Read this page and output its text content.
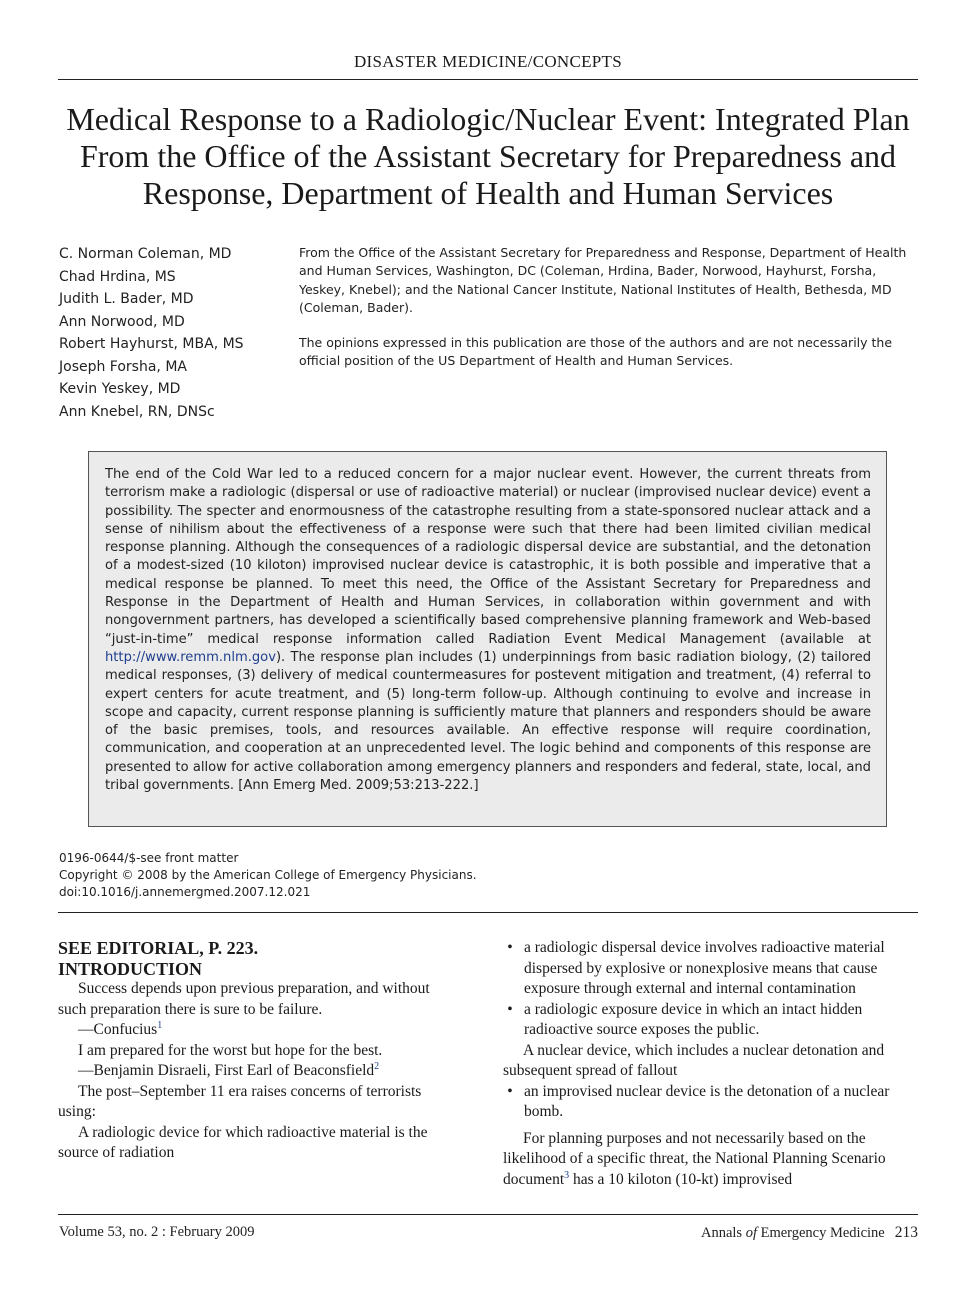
DISASTER MEDICINE/CONCEPTS
Medical Response to a Radiologic/Nuclear Event: Integrated Plan From the Office of the Assistant Secretary for Preparedness and Response, Department of Health and Human Services
C. Norman Coleman, MD
Chad Hrdina, MS
Judith L. Bader, MD
Ann Norwood, MD
Robert Hayhurst, MBA, MS
Joseph Forsha, MA
Kevin Yeskey, MD
Ann Knebel, RN, DNSc

From the Office of the Assistant Secretary for Preparedness and Response, Department of Health and Human Services, Washington, DC (Coleman, Hrdina, Bader, Norwood, Hayhurst, Forsha, Yeskey, Knebel); and the National Cancer Institute, National Institutes of Health, Bethesda, MD (Coleman, Bader).

The opinions expressed in this publication are those of the authors and are not necessarily the official position of the US Department of Health and Human Services.

The end of the Cold War led to a reduced concern for a major nuclear event. However, the current threats from terrorism make a radiologic (dispersal or use of radioactive material) or nuclear (improvised nuclear device) event a possibility. The specter and enormousness of the catastrophe resulting from a state-sponsored nuclear attack and a sense of nihilism about the effectiveness of a response were such that there had been limited civilian medical response planning. Although the consequences of a radiologic dispersal device are substantial, and the detonation of a modest-sized (10 kiloton) improvised nuclear device is catastrophic, it is both possible and imperative that a medical response be planned. To meet this need, the Office of the Assistant Secretary for Preparedness and Response in the Department of Health and Human Services, in collaboration within government and with nongovernment partners, has developed a scientifically based comprehensive planning framework and Web-based “just-in-time” medical response information called Radiation Event Medical Management (available at http://www.remm.nlm.gov). The response plan includes (1) underpinnings from basic radiation biology, (2) tailored medical responses, (3) delivery of medical countermeasures for postevent mitigation and treatment, (4) referral to expert centers for acute treatment, and (5) long-term follow-up. Although continuing to evolve and increase in scope and capacity, current response planning is sufficiently mature that planners and responders should be aware of the basic premises, tools, and resources available. An effective response will require coordination, communication, and cooperation at an unprecedented level. The logic behind and components of this response are presented to allow for active collaboration among emergency planners and responders and federal, state, local, and tribal governments. [Ann Emerg Med. 2009;53:213-222.]
0196-0644/$-see front matter
Copyright © 2008 by the American College of Emergency Physicians.
doi:10.1016/j.annemergmed.2007.12.021

SEE EDITORIAL, P. 223.

INTRODUCTION

Success depends upon previous preparation, and without such preparation there is sure to be failure.

—Confucius$^1$

I am prepared for the worst but hope for the best.

—Benjamin Disraeli, First Earl of Beaconsfield$^2$

The post–September 11 era raises concerns of terrorists using:

A radiologic device for which radioactive material is the source of radiation

• a radiologic dispersal device involves radioactive material dispersed by explosive or nonexplosive means that cause exposure through external and internal contamination
• a radiologic exposure device in which an intact hidden radioactive source exposes the public.

A nuclear device, which includes a nuclear detonation and subsequent spread of fallout

• an improvised nuclear device is the detonation of a nuclear bomb.

For planning purposes and not necessarily based on the likelihood of a specific threat, the National Planning Scenario document$^3$ has a 10 kiloton (10-kt) improvised

Volume 53, no. 2 : February 2009	Annals of Emergency Medicine 213
